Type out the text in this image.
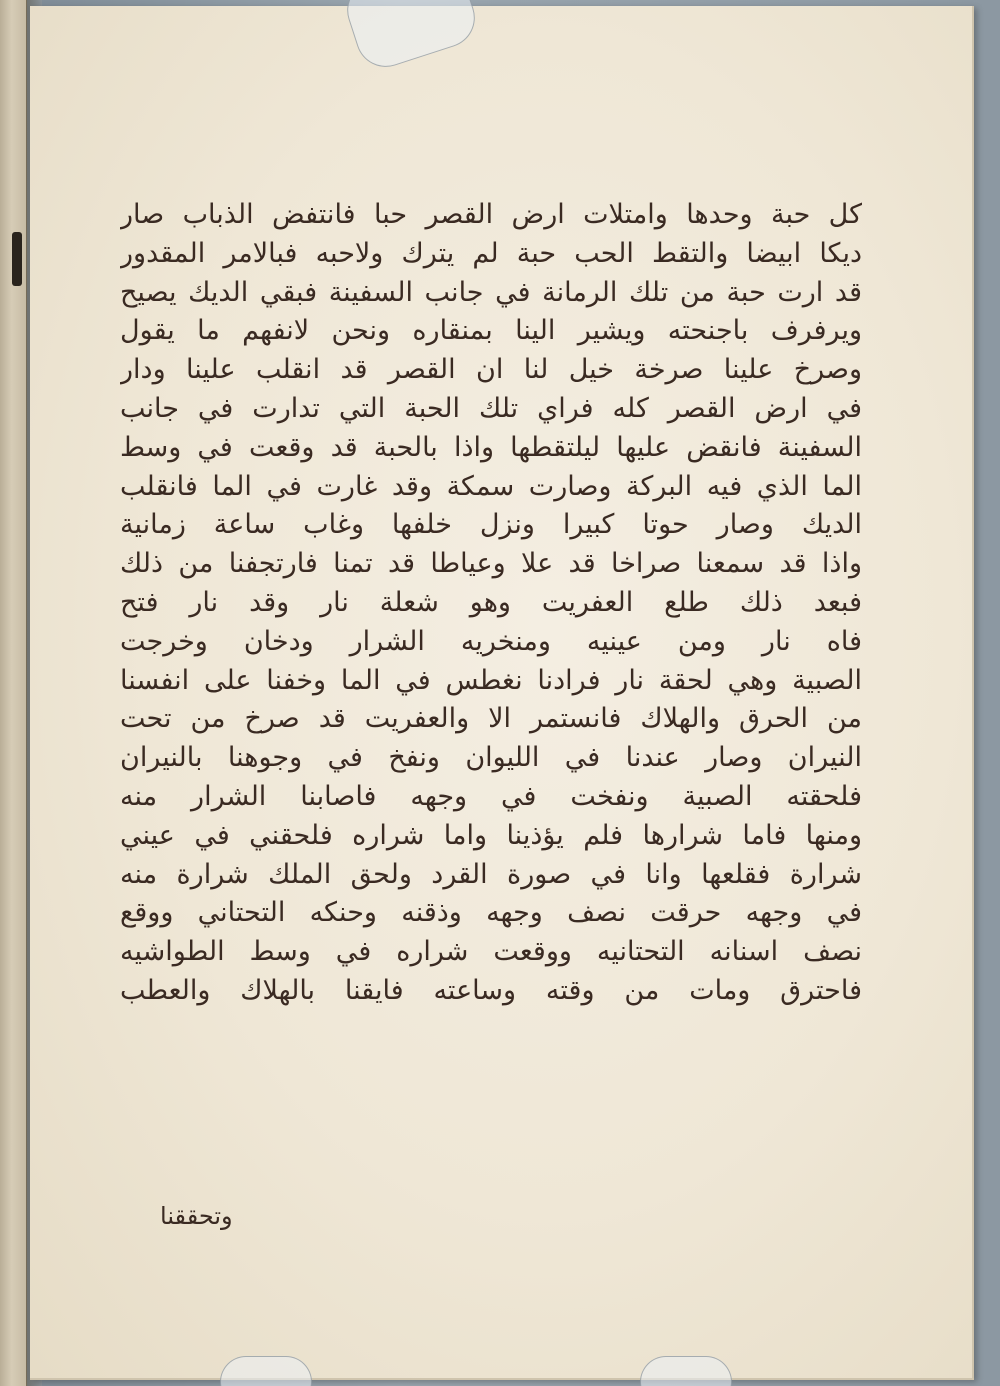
كل حبة وحدها وامتلات ارض القصر حبا فانتفض الذباب صار
ديكا ابيضا والتقط الحب حبة لم يترك ولاحبه فبالامر المقدور
قد ارت حبة من تلك الرمانة في جانب السفينة فبقي الديك يصيح
ويرفرف باجنحته ويشير الينا بمنقاره ونحن لانفهم ما يقول
وصرخ علينا صرخة خيل لنا ان القصر قد انقلب علينا ودار
في ارض القصر كله فراي تلك الحبة التي تدارت في جانب
السفينة فانقض عليها ليلتقطها واذا بالحبة قد وقعت في وسط
الما الذي فيه البركة وصارت سمكة وقد غارت في الما فانقلب
الديك وصار حوتا كبيرا ونزل خلفها وغاب ساعة زمانية
واذا قد سمعنا صراخا قد علا وعياطا قد تمنا فارتجفنا من ذلك
فبعد ذلك طلع العفريت وهو شعلة نار وقد نار فتح
فاه نار ومن عينيه ومنخريه الشرار ودخان وخرجت
الصبية وهي لحقة نار فرادنا نغطس في الما وخفنا على انفسنا
من الحرق والهلاك فانستمر الا والعفريت قد صرخ من تحت
النيران وصار عندنا في الليوان ونفخ في وجوهنا بالنيران
فلحقته الصبية ونفخت في وجهه فاصابنا الشرار منه
ومنها فاما شرارها فلم يؤذينا واما شراره فلحقني في عيني
شرارة فقلعها وانا في صورة القرد ولحق الملك شرارة منه
في وجهه حرقت نصف وجهه وذقنه وحنكه التحتاني ووقع
نصف اسنانه التحتانيه ووقعت شراره في وسط الطواشيه
فاحترق ومات من وقته وساعته فايقنا بالهلاك والعطب
وتحققنا
